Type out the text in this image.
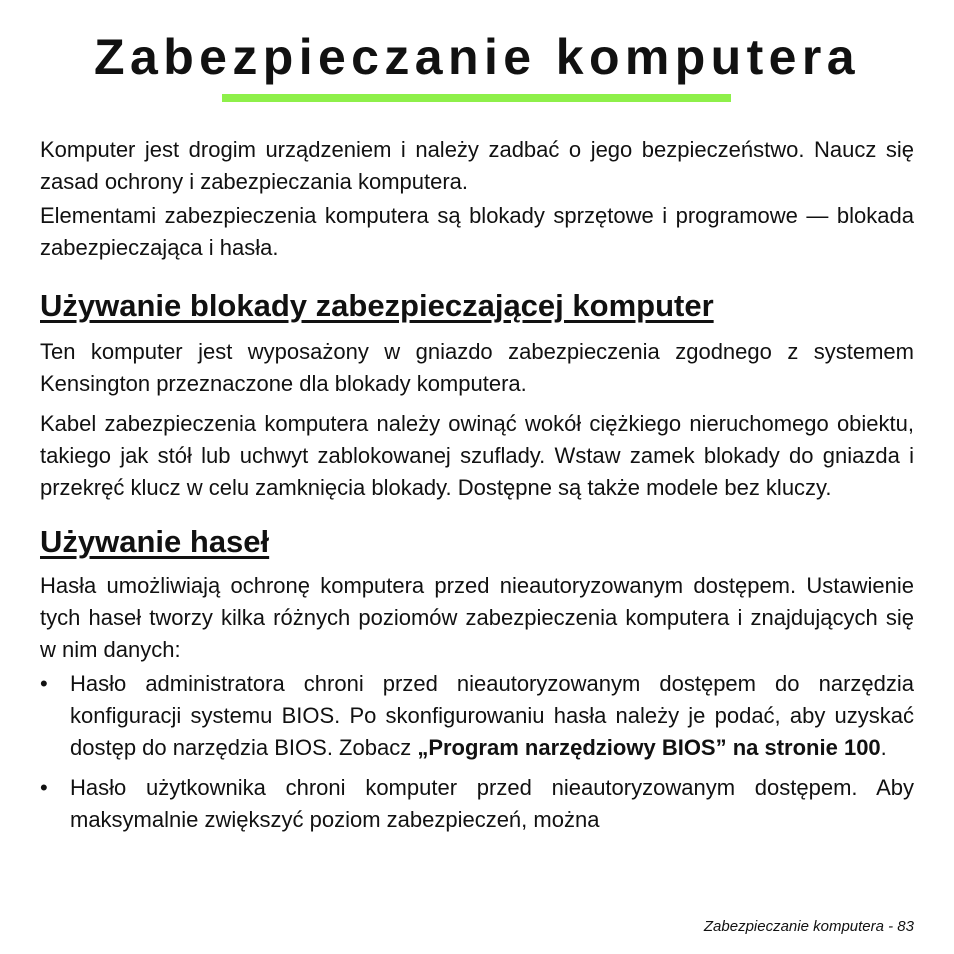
Zabezpieczanie komputera

Komputer jest drogim urządzeniem i należy zadbać o jego bezpieczeństwo. Naucz się zasad ochrony i zabezpieczania komputera.

Elementami zabezpieczenia komputera są blokady sprzętowe i programowe — blokada zabezpieczająca i hasła.

Używanie blokady zabezpieczającej komputer

Ten komputer jest wyposażony w gniazdo zabezpieczenia zgodnego z systemem Kensington przeznaczone dla blokady komputera.

Kabel zabezpieczenia komputera należy owinąć wokół ciężkiego nieruchomego obiektu, takiego jak stół lub uchwyt zablokowanej szuflady. Wstaw zamek blokady do gniazda i przekręć klucz w celu zamknięcia blokady. Dostępne są także modele bez kluczy.

Używanie haseł

Hasła umożliwiają ochronę komputera przed nieautoryzowanym dostępem. Ustawienie tych haseł tworzy kilka różnych poziomów zabezpieczenia komputera i znajdujących się w nim danych:

• Hasło administratora chroni przed nieautoryzowanym dostępem do narzędzia konfiguracji systemu BIOS. Po skonfigurowaniu hasła należy je podać, aby uzyskać dostęp do narzędzia BIOS. Zobacz „Program narzędziowy BIOS” na stronie 100.

• Hasło użytkownika chroni komputer przed nieautoryzowanym dostępem. Aby maksymalnie zwiększyć poziom zabezpieczeń, można

Zabezpieczanie komputera - 83
